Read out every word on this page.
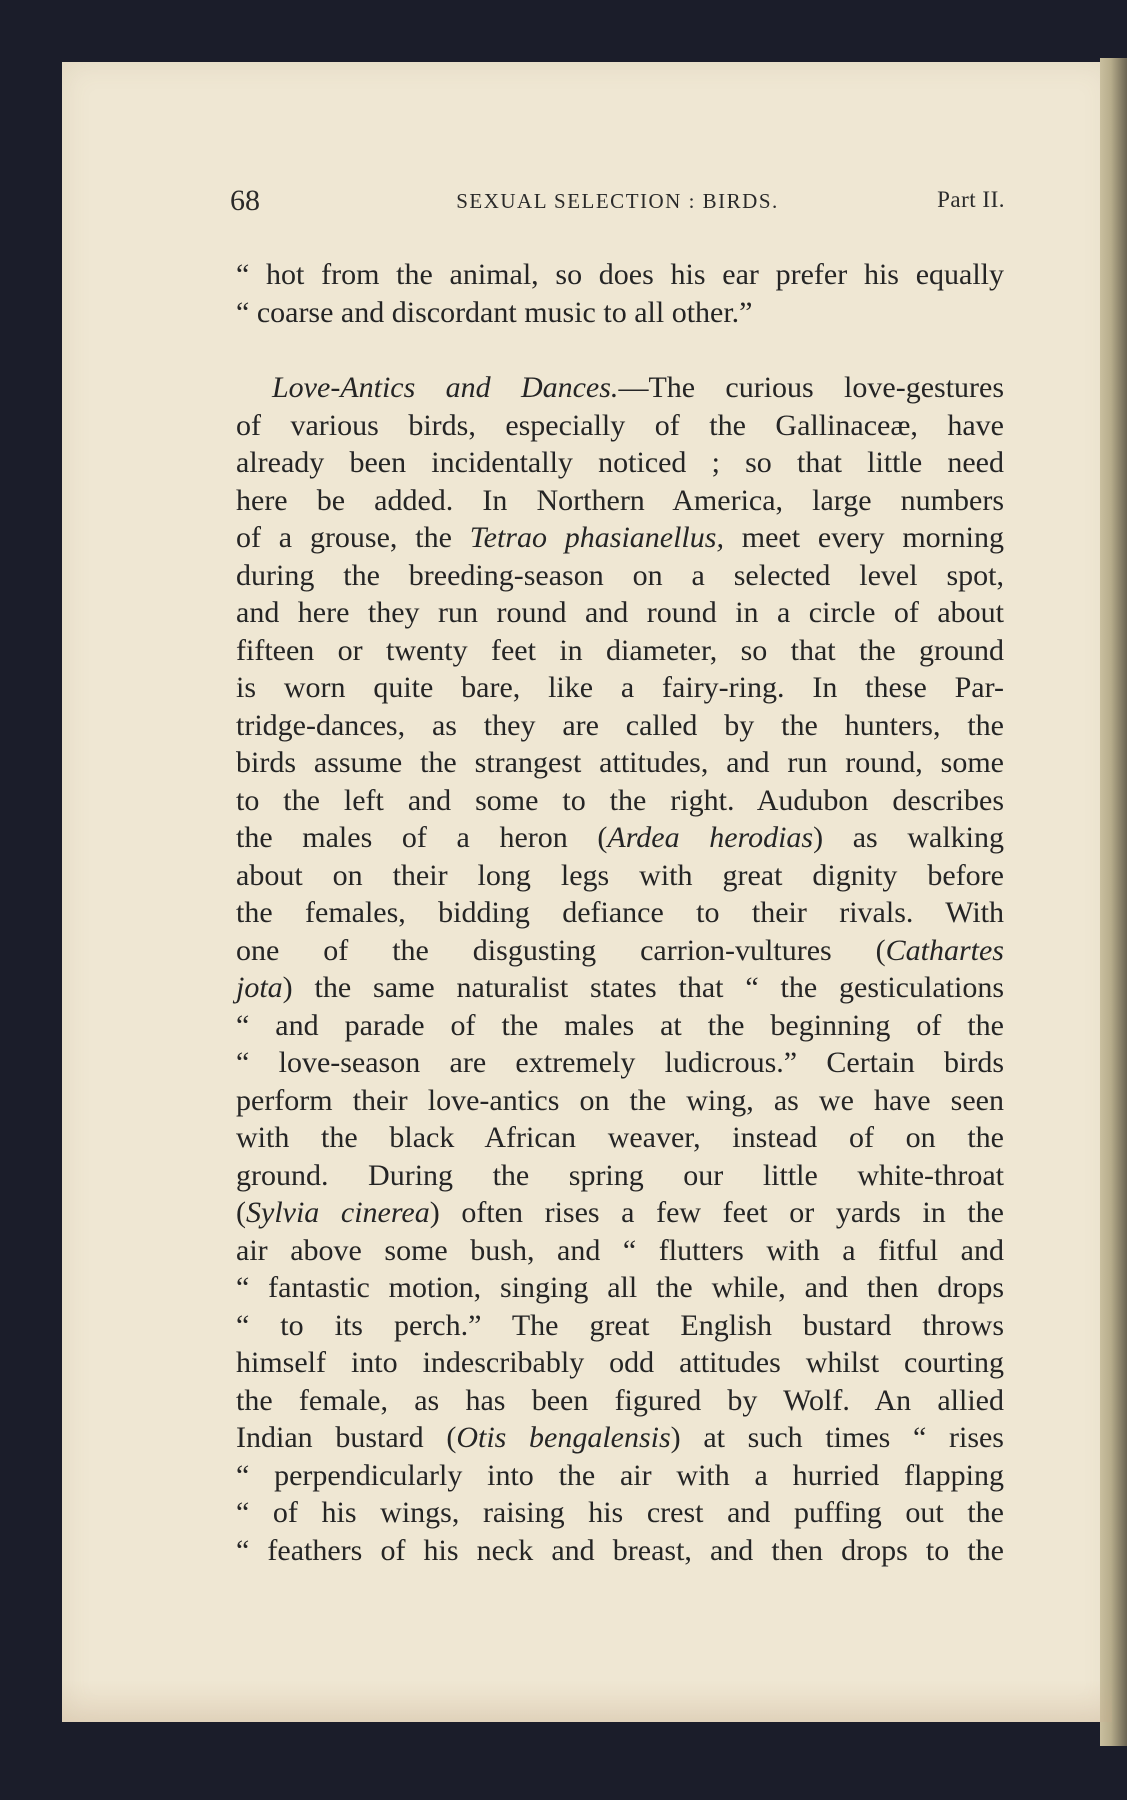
68	SEXUAL SELECTION : BIRDS.	Part II.
“ hot from the animal, so does his ear prefer his equally
“ coarse and discordant music to all other.”
Love-Antics and Dances.—The curious love-gestures
of various birds, especially of the Gallinaceæ, have
already been incidentally noticed ; so that little need
here be added. In Northern America, large numbers
of a grouse, the Tetrao phasianellus, meet every morning
during the breeding-season on a selected level spot,
and here they run round and round in a circle of about
fifteen or twenty feet in diameter, so that the ground
is worn quite bare, like a fairy-ring. In these Par-
tridge-dances, as they are called by the hunters, the
birds assume the strangest attitudes, and run round, some
to the left and some to the right. Audubon describes
the males of a heron (Ardea herodias) as walking
about on their long legs with great dignity before
the females, bidding defiance to their rivals. With
one of the disgusting carrion-vultures (Cathartes
jota) the same naturalist states that “ the gesticulations
“ and parade of the males at the beginning of the
“ love-season are extremely ludicrous.” Certain birds
perform their love-antics on the wing, as we have seen
with the black African weaver, instead of on the
ground. During the spring our little white-throat
(Sylvia cinerea) often rises a few feet or yards in the
air above some bush, and “ flutters with a fitful and
“ fantastic motion, singing all the while, and then drops
“ to its perch.” The great English bustard throws
himself into indescribably odd attitudes whilst courting
the female, as has been figured by Wolf. An allied
Indian bustard (Otis bengalensis) at such times “ rises
“ perpendicularly into the air with a hurried flapping
“ of his wings, raising his crest and puffing out the
“ feathers of his neck and breast, and then drops to the
